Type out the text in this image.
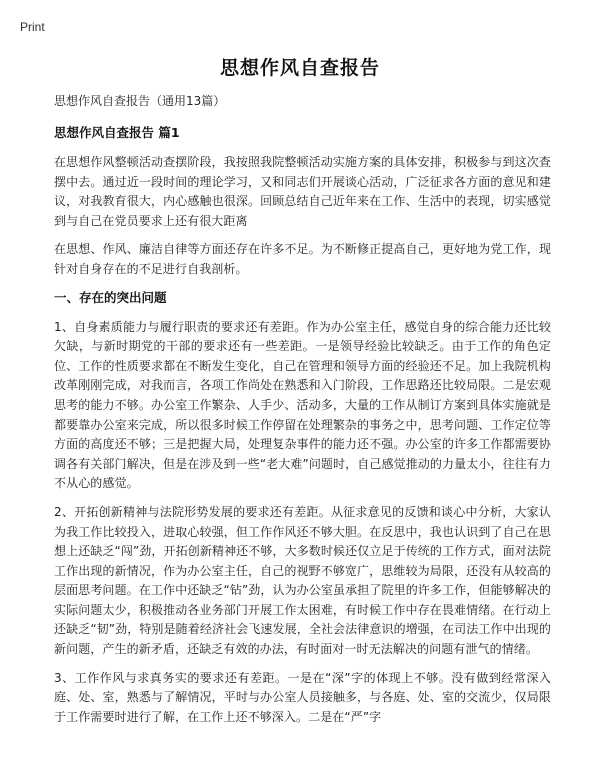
Print
思想作风自查报告

思想作风自查报告（通用13篇）

思想作风自查报告 篇1

在思想作风整顿活动查摆阶段，我按照我院整顿活动实施方案的具体安排，积极参与到这次查摆中去。通过近一段时间的理论学习，又和同志们开展谈心活动，广泛征求各方面的意见和建议，对我教育很大，内心感触也很深。回顾总结自己近年来在工作、生活中的表现，切实感觉到与自己在党员要求上还有很大距离

在思想、作风、廉洁自律等方面还存在许多不足。为不断修正提高自己，更好地为党工作，现针对自身存在的不足进行自我剖析。

一、存在的突出问题

1、自身素质能力与履行职责的要求还有差距。作为办公室主任，感觉自身的综合能力还比较欠缺，与新时期党的干部的要求还有一些差距。一是领导经验比较缺乏。由于工作的角色定位、工作的性质要求都在不断发生变化，自己在管理和领导方面的经验还不足。加上我院机构改革刚刚完成，对我而言，各项工作尚处在熟悉和入门阶段，工作思路还比较局限。二是宏观思考的能力不够。办公室工作繁杂、人手少、活动多，大量的工作从制订方案到具体实施就是都要靠办公室来完成，所以很多时候工作停留在处理繁杂的事务之中，思考问题、工作定位等方面的高度还不够；三是把握大局，处理复杂事件的能力还不强。办公室的许多工作都需要协调各有关部门解决，但是在涉及到一些“老大难”问题时，自己感觉推动的力量太小，往往有力不从心的感觉。

2、开拓创新精神与法院形势发展的要求还有差距。从征求意见的反馈和谈心中分析，大家认为我工作比较投入，进取心较强，但工作作风还不够大胆。在反思中，我也认识到了自己在思想上还缺乏“闯”劲，开拓创新精神还不够，大多数时候还仅立足于传统的工作方式，面对法院工作出现的新情况，作为办公室主任，自己的视野不够宽广，思维较为局限，还没有从较高的层面思考问题。在工作中还缺乏“钻”劲，认为办公室虽承担了院里的许多工作，但能够解决的实际问题太少，积极推动各业务部门开展工作太困难，有时候工作中存在畏难情绪。在行动上还缺乏“韧”劲，特别是随着经济社会飞速发展，全社会法律意识的增强，在司法工作中出现的新问题，产生的新矛盾，还缺乏有效的办法，有时面对一时无法解决的问题有泄气的情绪。

3、工作作风与求真务实的要求还有差距。一是在“深”字的体现上不够。没有做到经常深入庭、处、室，熟悉与了解情况，平时与办公室人员接触多，与各庭、处、室的交流少，仅局限于工作需要时进行了解，在工作上还不够深入。二是在“严”字
